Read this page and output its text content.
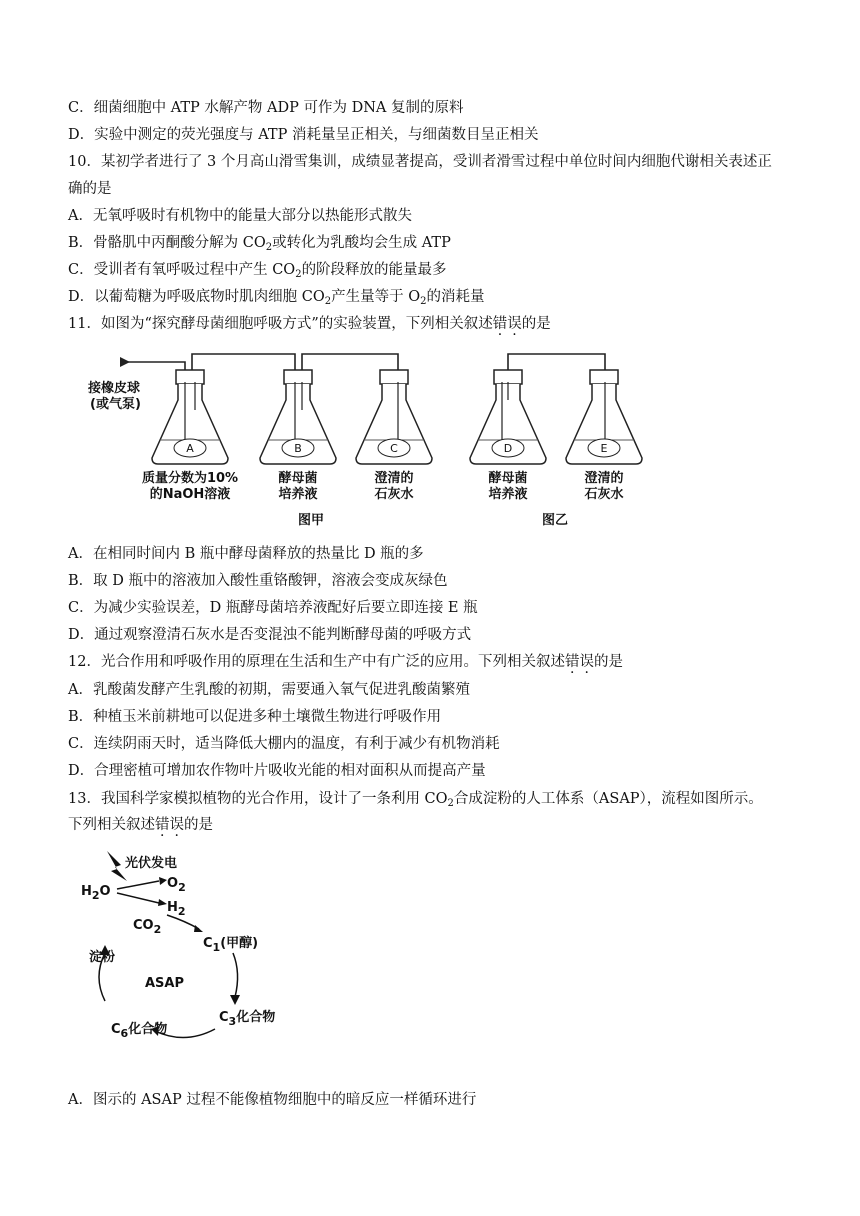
C．细菌细胞中 ATP 水解产物 ADP 可作为 DNA 复制的原料
D．实验中测定的荧光强度与 ATP 消耗量呈正相关，与细菌数目呈正相关
10．某初学者进行了 3 个月高山滑雪集训，成绩显著提高，受训者滑雪过程中单位时间内细胞代谢相关表述正
确的是
A．无氧呼吸时有机物中的能量大部分以热能形式散失
B．骨骼肌中丙酮酸分解为 $CO_2$或转化为乳酸均会生成 ATP
C．受训者有氧呼吸过程中产生 $CO_2$的阶段释放的能量最多
D．以葡萄糖为呼吸底物时肌肉细胞 $CO_2$产生量等于 $O_2$的消耗量
11．如图为“探究酵母菌细胞呼吸方式”的实验装置，下列相关叙述错误的是
接橡皮球
(或气泵)
A
质量分数为10%
的NaOH溶液
B
酵母菌
培养液
C
澄清的
石灰水
D
酵母菌
培养液
E
澄清的
石灰水
图甲	图乙
A．在相同时间内 B 瓶中酵母菌释放的热量比 D 瓶的多
B．取 D 瓶中的溶液加入酸性重铬酸钾，溶液会变成灰绿色
C．为减少实验误差，D 瓶酵母菌培养液配好后要立即连接 E 瓶
D．通过观察澄清石灰水是否变混浊不能判断酵母菌的呼吸方式
12．光合作用和呼吸作用的原理在生活和生产中有广泛的应用。下列相关叙述错误的是
A．乳酸菌发酵产生乳酸的初期，需要通入氧气促进乳酸菌繁殖
B．种植玉米前耕地可以促进多种土壤微生物进行呼吸作用
C．连续阴雨天时，适当降低大棚内的温度，有利于减少有机物消耗
D．合理密植可增加农作物叶片吸收光能的相对面积从而提高产量
13．我国科学家模拟植物的光合作用，设计了一条利用 $CO_2$合成淀粉的人工体系（ASAP），流程如图所示。
下列相关叙述错误的是
光伏发电
$H_2O$
$O_2$
$H_2$
$CO_2$
$C_1$(甲醇)
淀粉
ASAP
$C_3$化合物
$C_6$化合物
A．图示的 ASAP 过程不能像植物细胞中的暗反应一样循环进行
